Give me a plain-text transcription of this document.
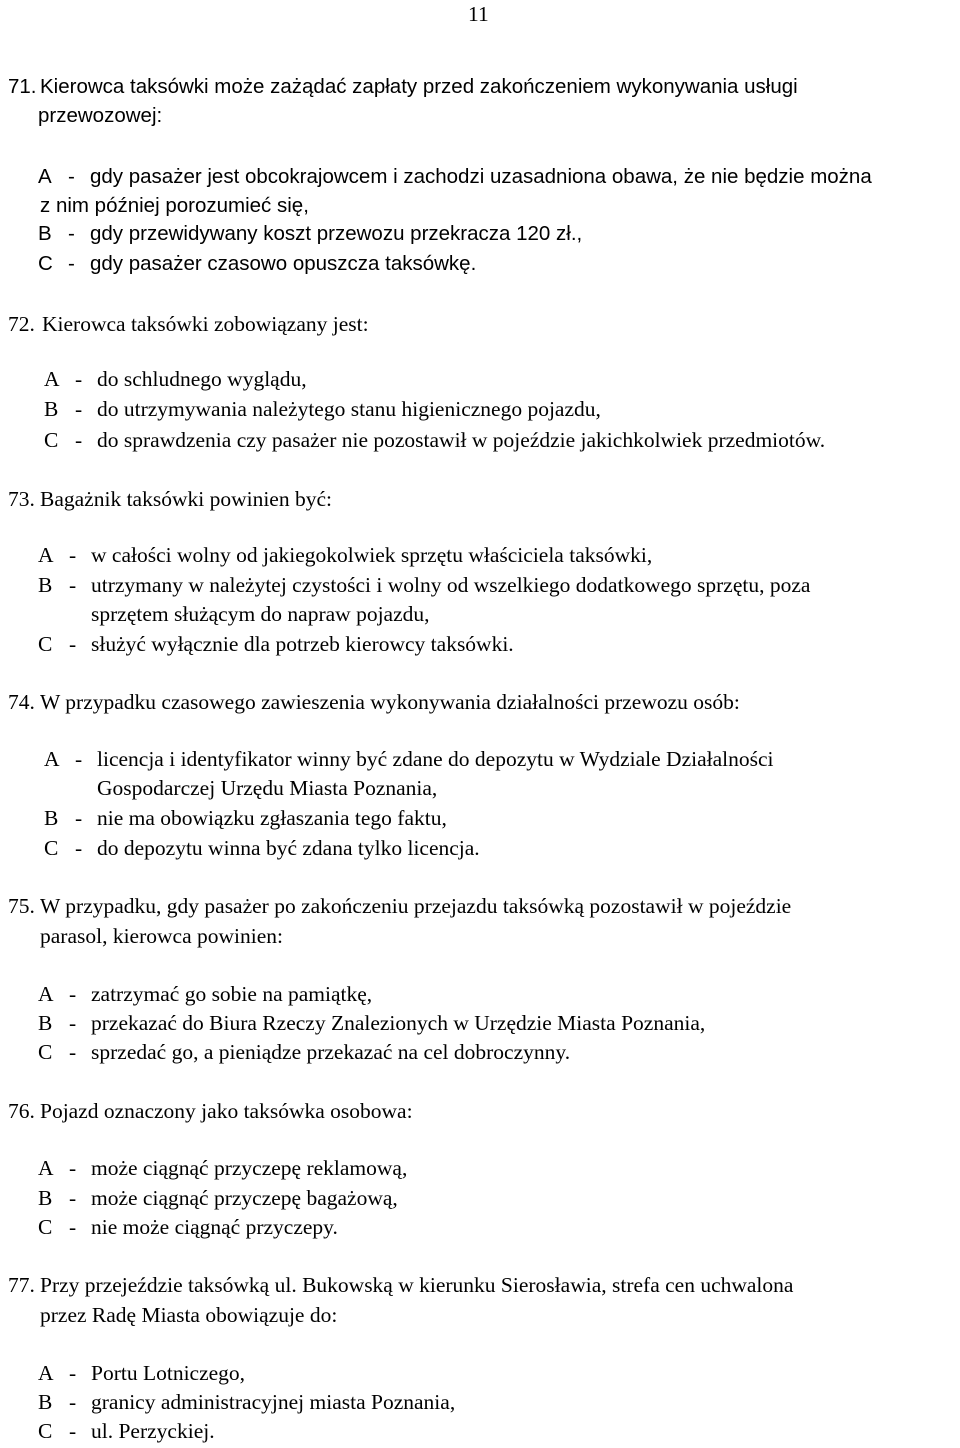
11
71. Kierowca taksówki może zażądać zapłaty przed zakończeniem wykonywania usługi
przewozowej:
A - gdy pasażer jest obcokrajowcem i zachodzi uzasadniona obawa, że nie będzie można
z nim później porozumieć się,
B - gdy przewidywany koszt przewozu przekracza 120 zł.,
C - gdy pasażer czasowo opuszcza taksówkę.
72. Kierowca taksówki zobowiązany jest:
A - do schludnego wyglądu,
B - do utrzymywania należytego stanu higienicznego pojazdu,
C - do sprawdzenia czy pasażer nie pozostawił w pojeździe jakichkolwiek przedmiotów.
73. Bagażnik taksówki powinien być:
A - w całości wolny od jakiegokolwiek sprzętu właściciela taksówki,
B - utrzymany w należytej czystości i wolny od wszelkiego dodatkowego sprzętu, poza
sprzętem służącym do napraw pojazdu,
C - służyć wyłącznie dla potrzeb kierowcy taksówki.
74. W przypadku czasowego zawieszenia wykonywania działalności przewozu osób:
A - licencja i identyfikator winny być zdane do depozytu w Wydziale Działalności
Gospodarczej Urzędu Miasta Poznania,
B - nie ma obowiązku zgłaszania tego faktu,
C - do depozytu winna być zdana tylko licencja.
75. W przypadku, gdy pasażer po zakończeniu przejazdu taksówką pozostawił w pojeździe
parasol, kierowca powinien:
A - zatrzymać go sobie na pamiątkę,
B - przekazać do Biura Rzeczy Znalezionych w Urzędzie Miasta Poznania,
C - sprzedać go, a pieniądze przekazać na cel dobroczynny.
76. Pojazd oznaczony jako taksówka osobowa:
A - może ciągnąć przyczepę reklamową,
B - może ciągnąć przyczepę bagażową,
C - nie może ciągnąć przyczepy.
77. Przy przejeździe taksówką ul. Bukowską w kierunku Sierosławia, strefa cen uchwalona
przez Radę Miasta obowiązuje do:
A - Portu Lotniczego,
B - granicy administracyjnej miasta Poznania,
C - ul. Perzyckiej.
